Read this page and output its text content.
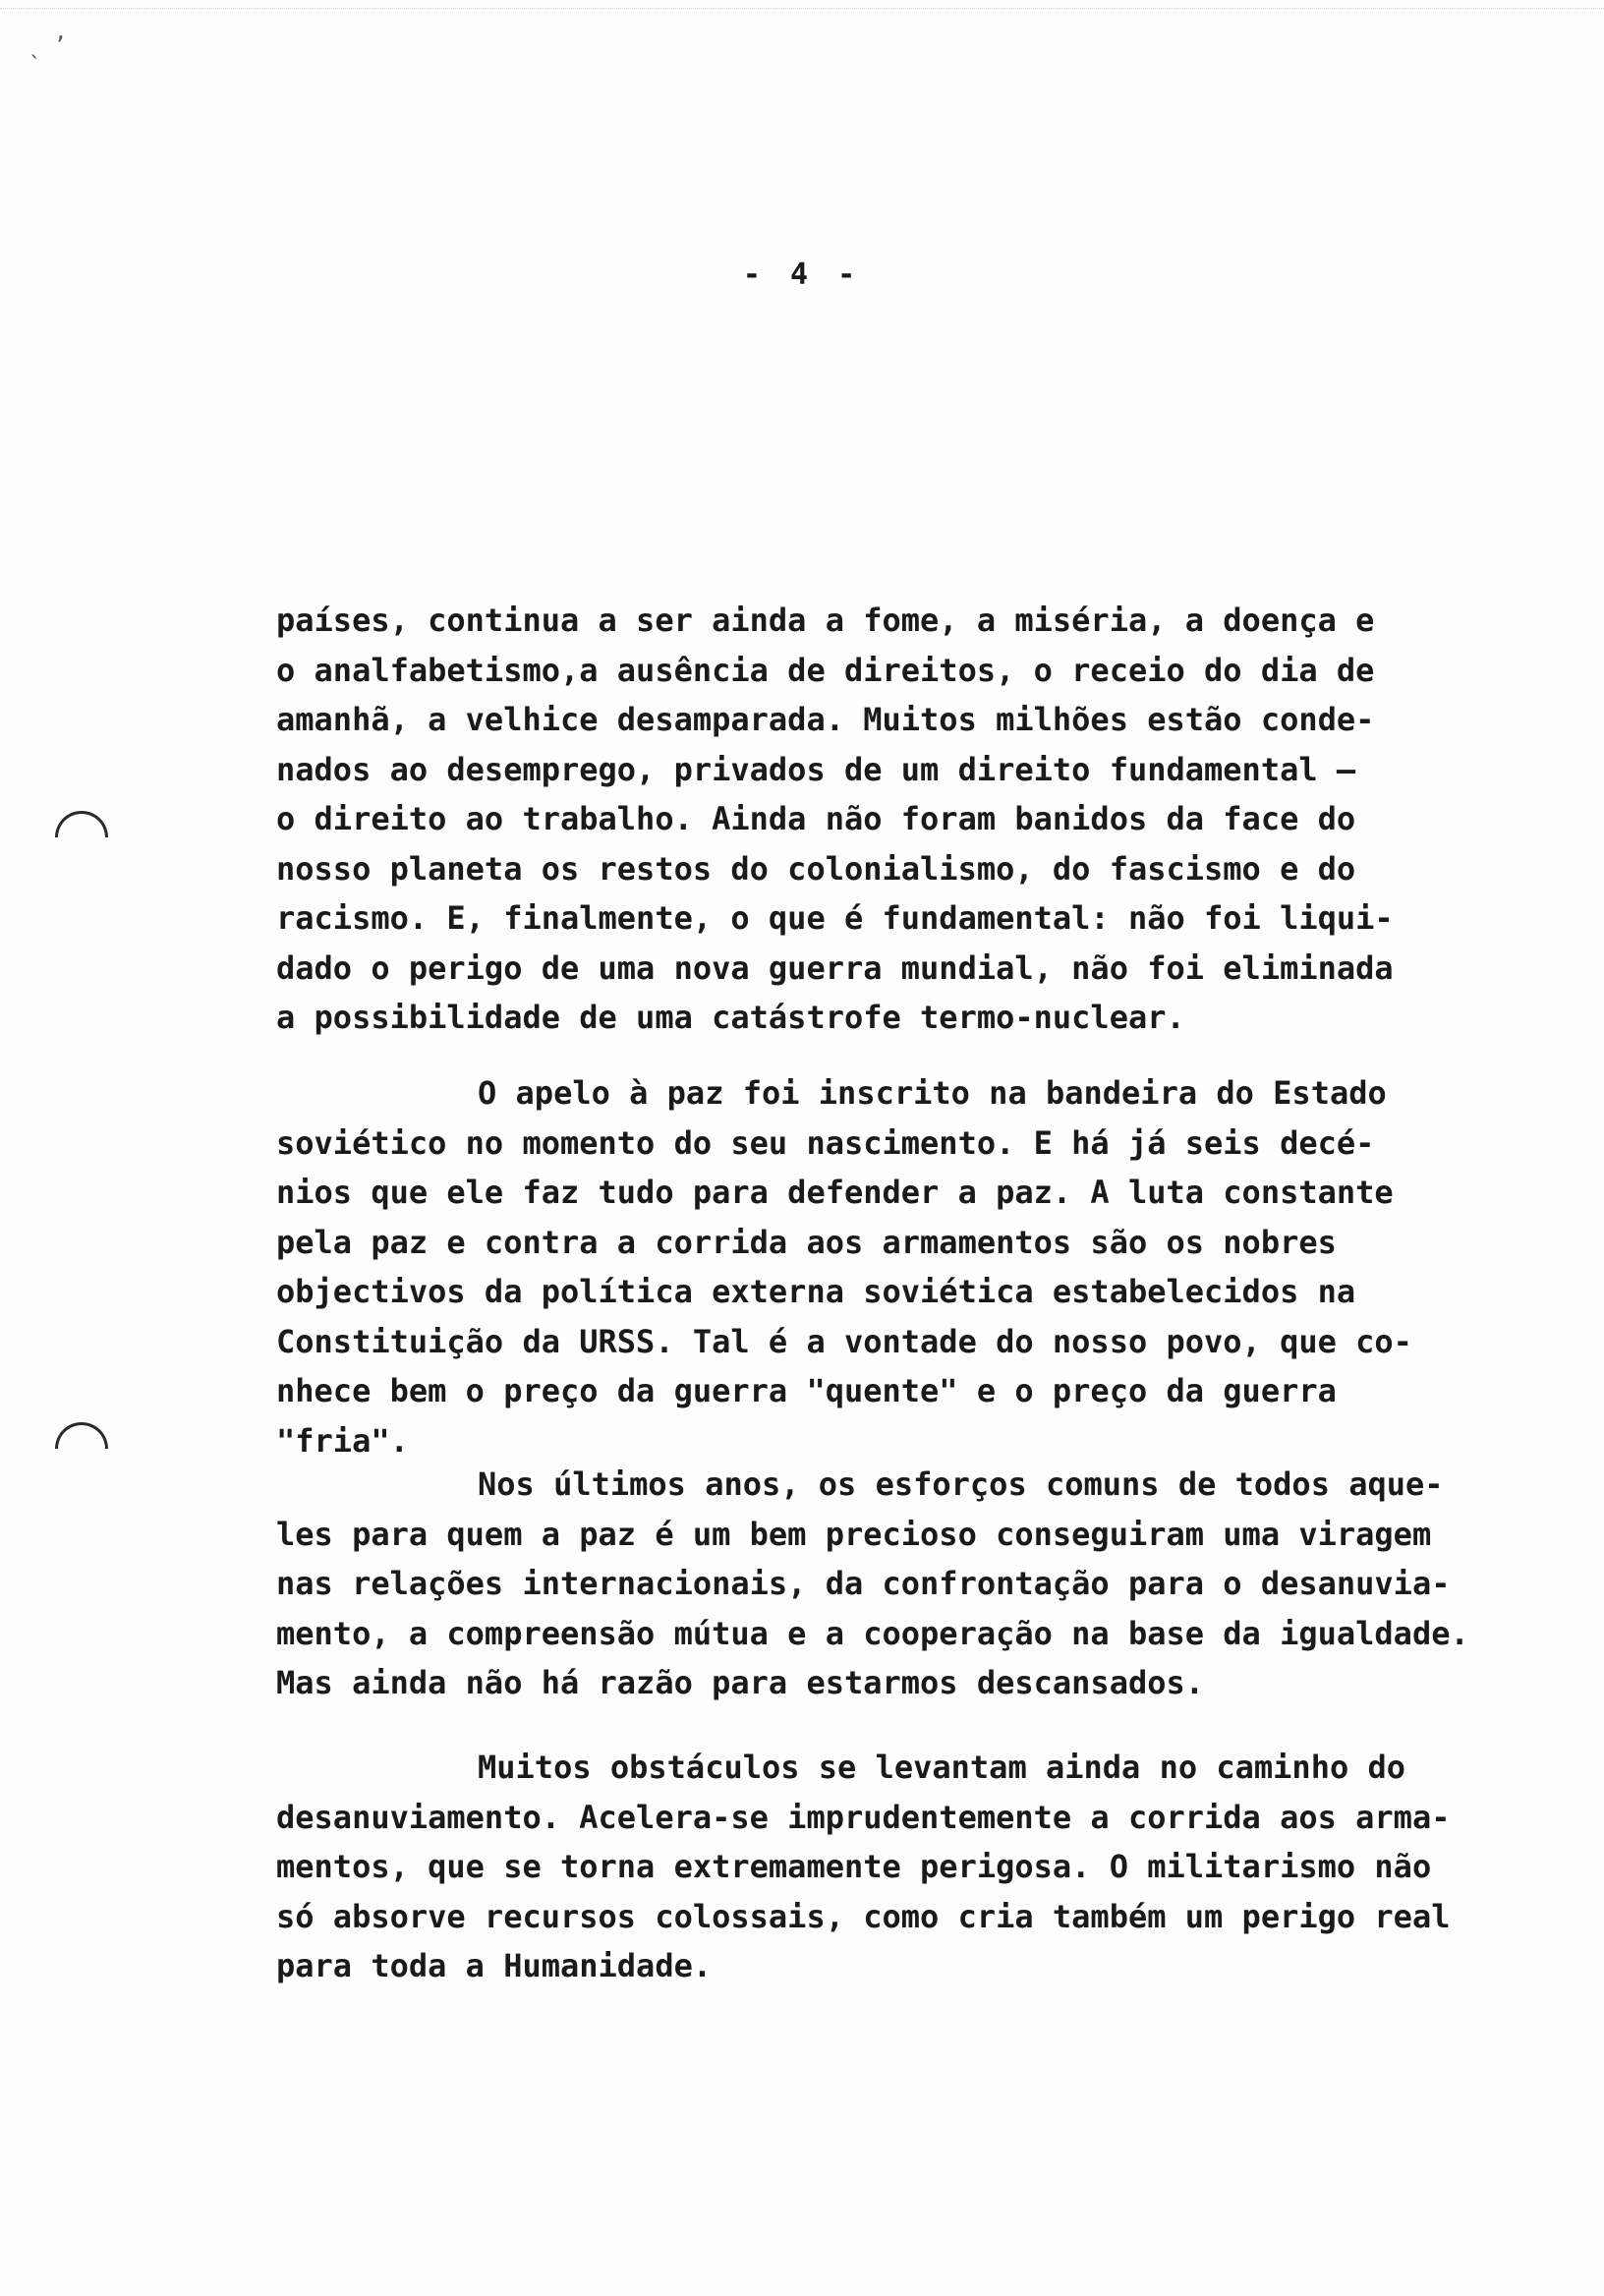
ˎ ʼ
- 4 -
países, continua a ser ainda a fome, a miséria, a doença e
o analfabetismo,a ausência de direitos, o receio do dia de
amanhã, a velhice desamparada. Muitos milhões estão conde-
nados ao desemprego, privados de um direito fundamental —
o direito ao trabalho. Ainda não foram banidos da face do
nosso planeta os restos do colonialismo, do fascismo e do
racismo. E, finalmente, o que é fundamental: não foi liqui-
dado o perigo de uma nova guerra mundial, não foi eliminada
a possibilidade de uma catástrofe termo-nuclear.
O apelo à paz foi inscrito na bandeira do Estado
soviético no momento do seu nascimento. E há já seis decé-
nios que ele faz tudo para defender a paz. A luta constante
pela paz e contra a corrida aos armamentos são os nobres
objectivos da política externa soviética estabelecidos na
Constituição da URSS. Tal é a vontade do nosso povo, que co-
nhece bem o preço da guerra "quente" e o preço da guerra
"fria".
Nos últimos anos, os esforços comuns de todos aque-
les para quem a paz é um bem precioso conseguiram uma viragem
nas relações internacionais, da confrontação para o desanuvia-
mento, a compreensão mútua e a cooperação na base da igualdade.
Mas ainda não há razão para estarmos descansados.
Muitos obstáculos se levantam ainda no caminho do
desanuviamento. Acelera-se imprudentemente a corrida aos arma-
mentos, que se torna extremamente perigosa. O militarismo não
só absorve recursos colossais, como cria também um perigo real
para toda a Humanidade.
